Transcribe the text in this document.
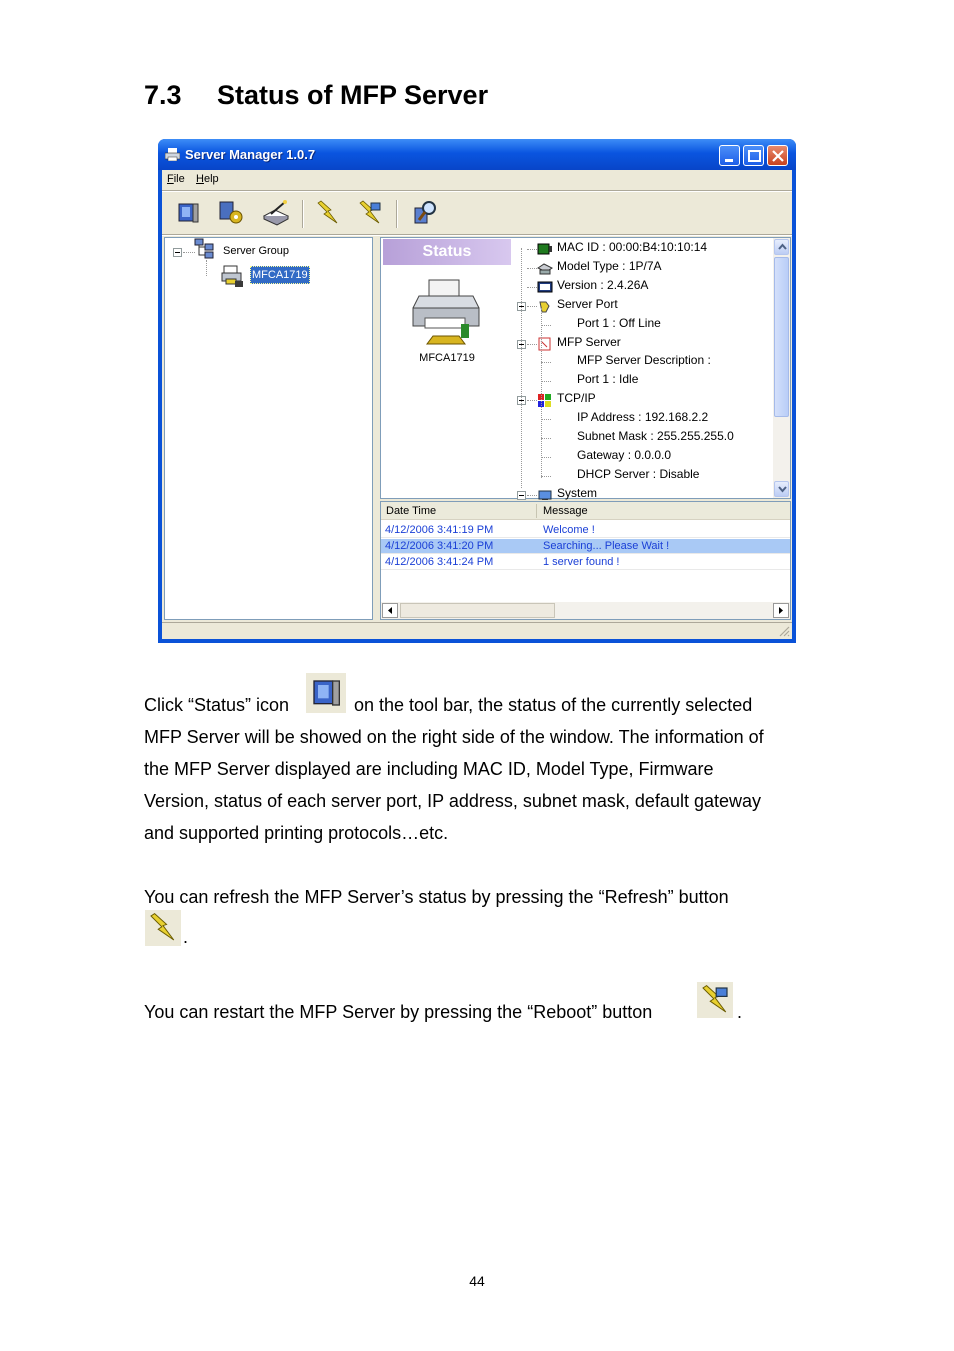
7.3 Status of MFP Server
Server Manager 1.0.7
File Help
Server Group
MFCA1719
Status
MFCA1719
MAC ID : 00:00:B4:10:10:14
Model Type : 1P/7A
Version : 2.4.26A
Server Port
Port 1 : Off Line
MFP Server
MFP Server Description :
Port 1 : Idle
TCP/IP
IP Address : 192.168.2.2
Subnet Mask : 255.255.255.0
Gateway : 0.0.0.0
DHCP Server : Disable
System
Date Time	Message
4/12/2006 3:41:19 PM	Welcome !
4/12/2006 3:41:20 PM	Searching... Please Wait !
4/12/2006 3:41:24 PM	1 server found !
Click “Status” icon	on the tool bar, the status of the currently selected
MFP Server will be showed on the right side of the window. The information of
the MFP Server displayed are including MAC ID, Model Type, Firmware
Version, status of each server port, IP address, subnet mask, default gateway
and supported printing protocols…etc.
You can refresh the MFP Server’s status by pressing the “Refresh” button
.
You can restart the MFP Server by pressing the “Reboot” button	.
44
